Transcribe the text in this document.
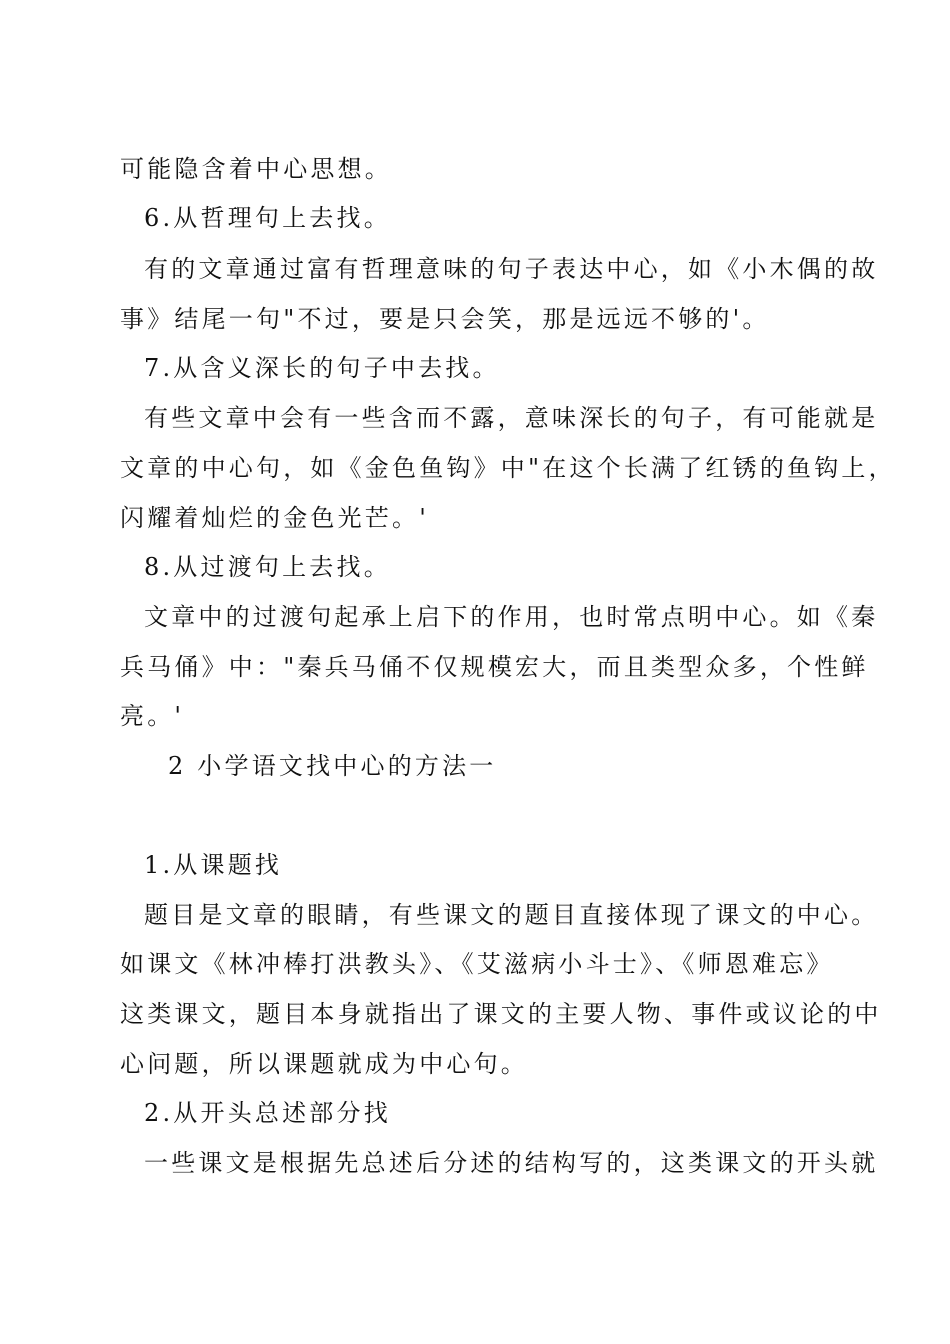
可能隐含着中心思想。

6.从哲理句上去找。

有的文章通过富有哲理意味的句子表达中心，如《小木偶的故

事》结尾一句"不过，要是只会笑，那是远远不够的'。

7.从含义深长的句子中去找。

有些文章中会有一些含而不露，意味深长的句子，有可能就是

文章的中心句，如《金色鱼钩》中"在这个长满了红锈的鱼钩上，

闪耀着灿烂的金色光芒。'

8.从过渡句上去找。

文章中的过渡句起承上启下的作用，也时常点明中心。如《秦

兵马俑》中："秦兵马俑不仅规模宏大，而且类型众多，个性鲜

亮。'

2 小学语文找中心的方法一

1.从课题找

题目是文章的眼睛，有些课文的题目直接体现了课文的中心。

如课文《林冲棒打洪教头》、《艾滋病小斗士》、《师恩难忘》

这类课文，题目本身就指出了课文的主要人物、事件或议论的中

心问题，所以课题就成为中心句。

2.从开头总述部分找

一些课文是根据先总述后分述的结构写的，这类课文的开头就
